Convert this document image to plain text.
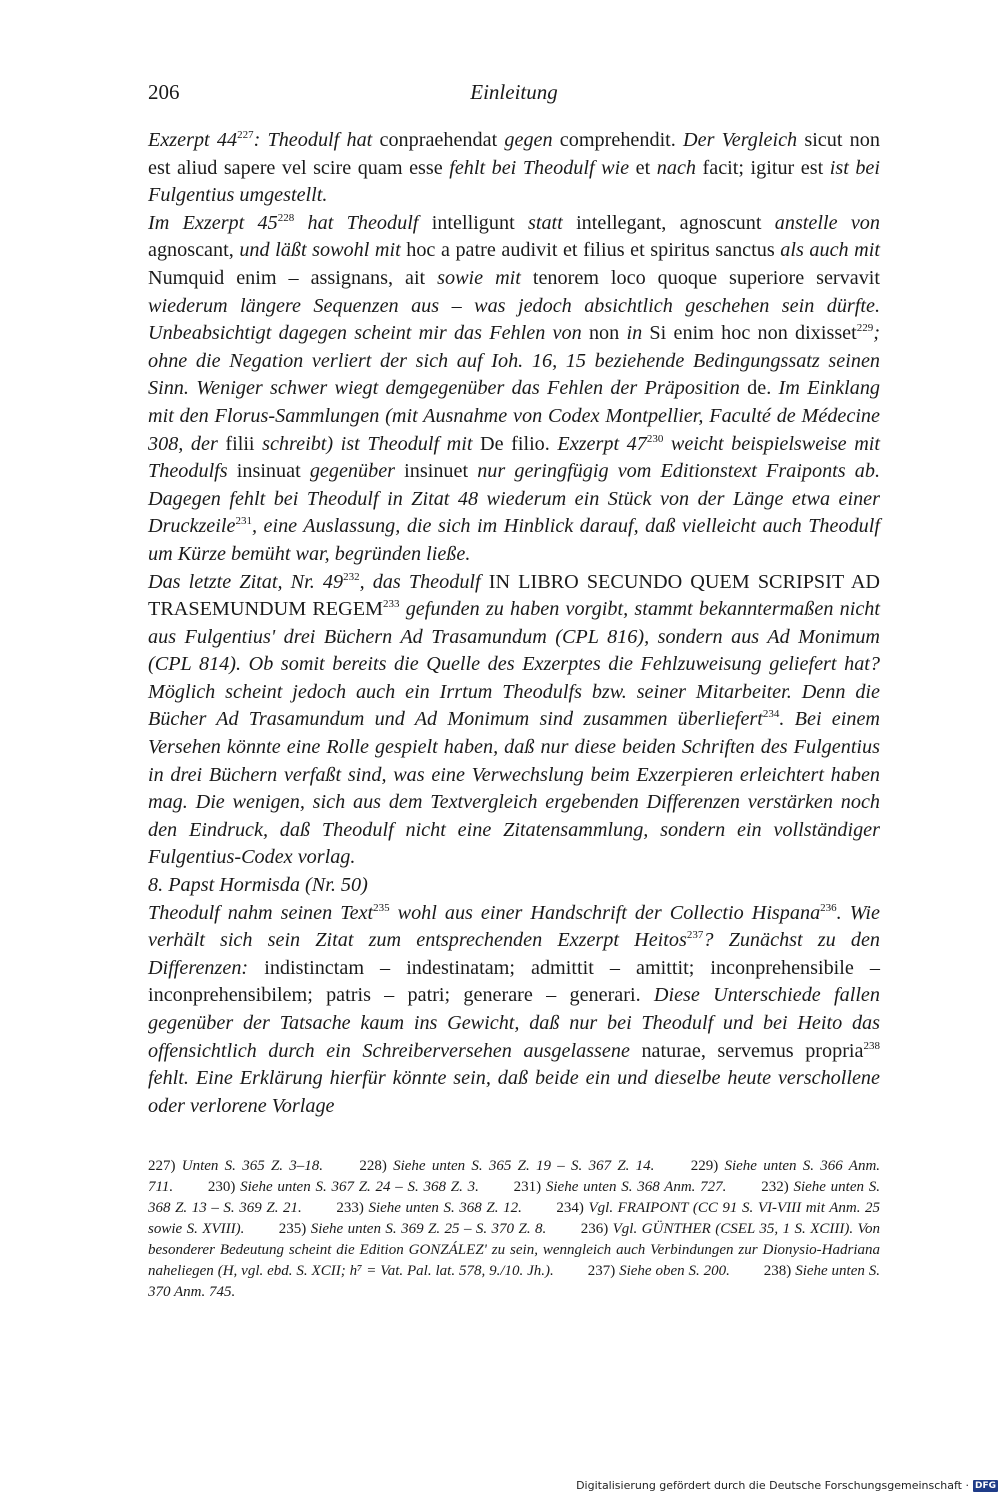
206	Einleitung

Exzerpt $44^{227}$: Theodulf hat conpraehendat gegen comprehendit. Der Vergleich sicut non est aliud sapere vel scire quam esse fehlt bei Theodulf wie et nach facit; igitur est ist bei Fulgentius umgestellt.

Im Exzerpt $45^{228}$ hat Theodulf intelligunt statt intellegant, agnoscunt anstelle von agnoscant, und läßt sowohl mit hoc a patre audivit et filius et spiritus sanctus als auch mit Numquid enim – assignans, ait sowie mit tenorem loco quoque superiore servavit wiederum längere Sequenzen aus – was jedoch absichtlich geschehen sein dürfte. Unbeabsichtigt dagegen scheint mir das Fehlen von non in Si enim hoc non dixisset$^{229}$; ohne die Negation verliert der sich auf Ioh. 16, 15 beziehende Bedingungssatz seinen Sinn. Weniger schwer wiegt demgegenüber das Fehlen der Präposition de. Im Einklang mit den Florus-Sammlungen (mit Ausnahme von Codex Montpellier, Faculté de Médecine 308, der filii schreibt) ist Theodulf mit De filio. Exzerpt $47^{230}$ weicht beispielsweise mit Theodulfs insinuat gegenüber insinuet nur geringfügig vom Editionstext Fraiponts ab. Dagegen fehlt bei Theodulf in Zitat 48 wiederum ein Stück von der Länge etwa einer Druckzeile$^{231}$, eine Auslassung, die sich im Hinblick darauf, daß vielleicht auch Theodulf um Kürze bemüht war, begründen ließe.

Das letzte Zitat, Nr. $49^{232}$, das Theodulf IN LIBRO SECUNDO QUEM SCRIPSIT AD TRASEMUNDUM REGEM$^{233}$ gefunden zu haben vorgibt, stammt bekanntermaßen nicht aus Fulgentius' drei Büchern Ad Trasamundum (CPL 816), sondern aus Ad Monimum (CPL 814). Ob somit bereits die Quelle des Exzerptes die Fehlzuweisung geliefert hat? Möglich scheint jedoch auch ein Irrtum Theodulfs bzw. seiner Mitarbeiter. Denn die Bücher Ad Trasamundum und Ad Monimum sind zusammen überliefert$^{234}$. Bei einem Versehen könnte eine Rolle gespielt haben, daß nur diese beiden Schriften des Fulgentius in drei Büchern verfaßt sind, was eine Verwechslung beim Exzerpieren erleichtert haben mag. Die wenigen, sich aus dem Textvergleich ergebenden Differenzen verstärken noch den Eindruck, daß Theodulf nicht eine Zitatensammlung, sondern ein vollständiger Fulgentius-Codex vorlag.

8. Papst Hormisda (Nr. 50)

Theodulf nahm seinen Text$^{235}$ wohl aus einer Handschrift der Collectio Hispana$^{236}$. Wie verhält sich sein Zitat zum entsprechenden Exzerpt Heitos$^{237}$? Zunächst zu den Differenzen: indistinctam – indestinatam; admittit – amittit; inconprehensibile – inconprehensibilem; patris – patri; generare – generari. Diese Unterschiede fallen gegenüber der Tatsache kaum ins Gewicht, daß nur bei Theodulf und bei Heito das offensichtlich durch ein Schreiberversehen ausgelassene naturae, servemus propria$^{238}$ fehlt. Eine Erklärung hierfür könnte sein, daß beide ein und dieselbe heute verschollene oder verlorene Vorlage

227) Unten S. 365 Z. 3–18. 228) Siehe unten S. 365 Z. 19 – S. 367 Z. 14. 229) Siehe unten S. 366 Anm. 711. 230) Siehe unten S. 367 Z. 24 – S. 368 Z. 3. 231) Siehe unten S. 368 Anm. 727. 232) Siehe unten S. 368 Z. 13 – S. 369 Z. 21. 233) Siehe unten S. 368 Z. 12. 234) Vgl. FRAIPONT (CC 91 S. VI-VIII mit Anm. 25 sowie S. XVIII). 235) Siehe unten S. 369 Z. 25 – S. 370 Z. 8. 236) Vgl. GÜNTHER (CSEL 35, 1 S. XCIII). Von besonderer Bedeutung scheint die Edition GONZÁLEZ' zu sein, wenngleich auch Verbindungen zur Dionysio-Hadriana naheliegen (H, vgl. ebd. S. XCII; h⁷ = Vat. Pal. lat. 578, 9./10. Jh.). 237) Siehe oben S. 200. 238) Siehe unten S. 370 Anm. 745.
Digitalisierung gefördert durch die Deutsche Forschungsgemeinschaft · DFG
